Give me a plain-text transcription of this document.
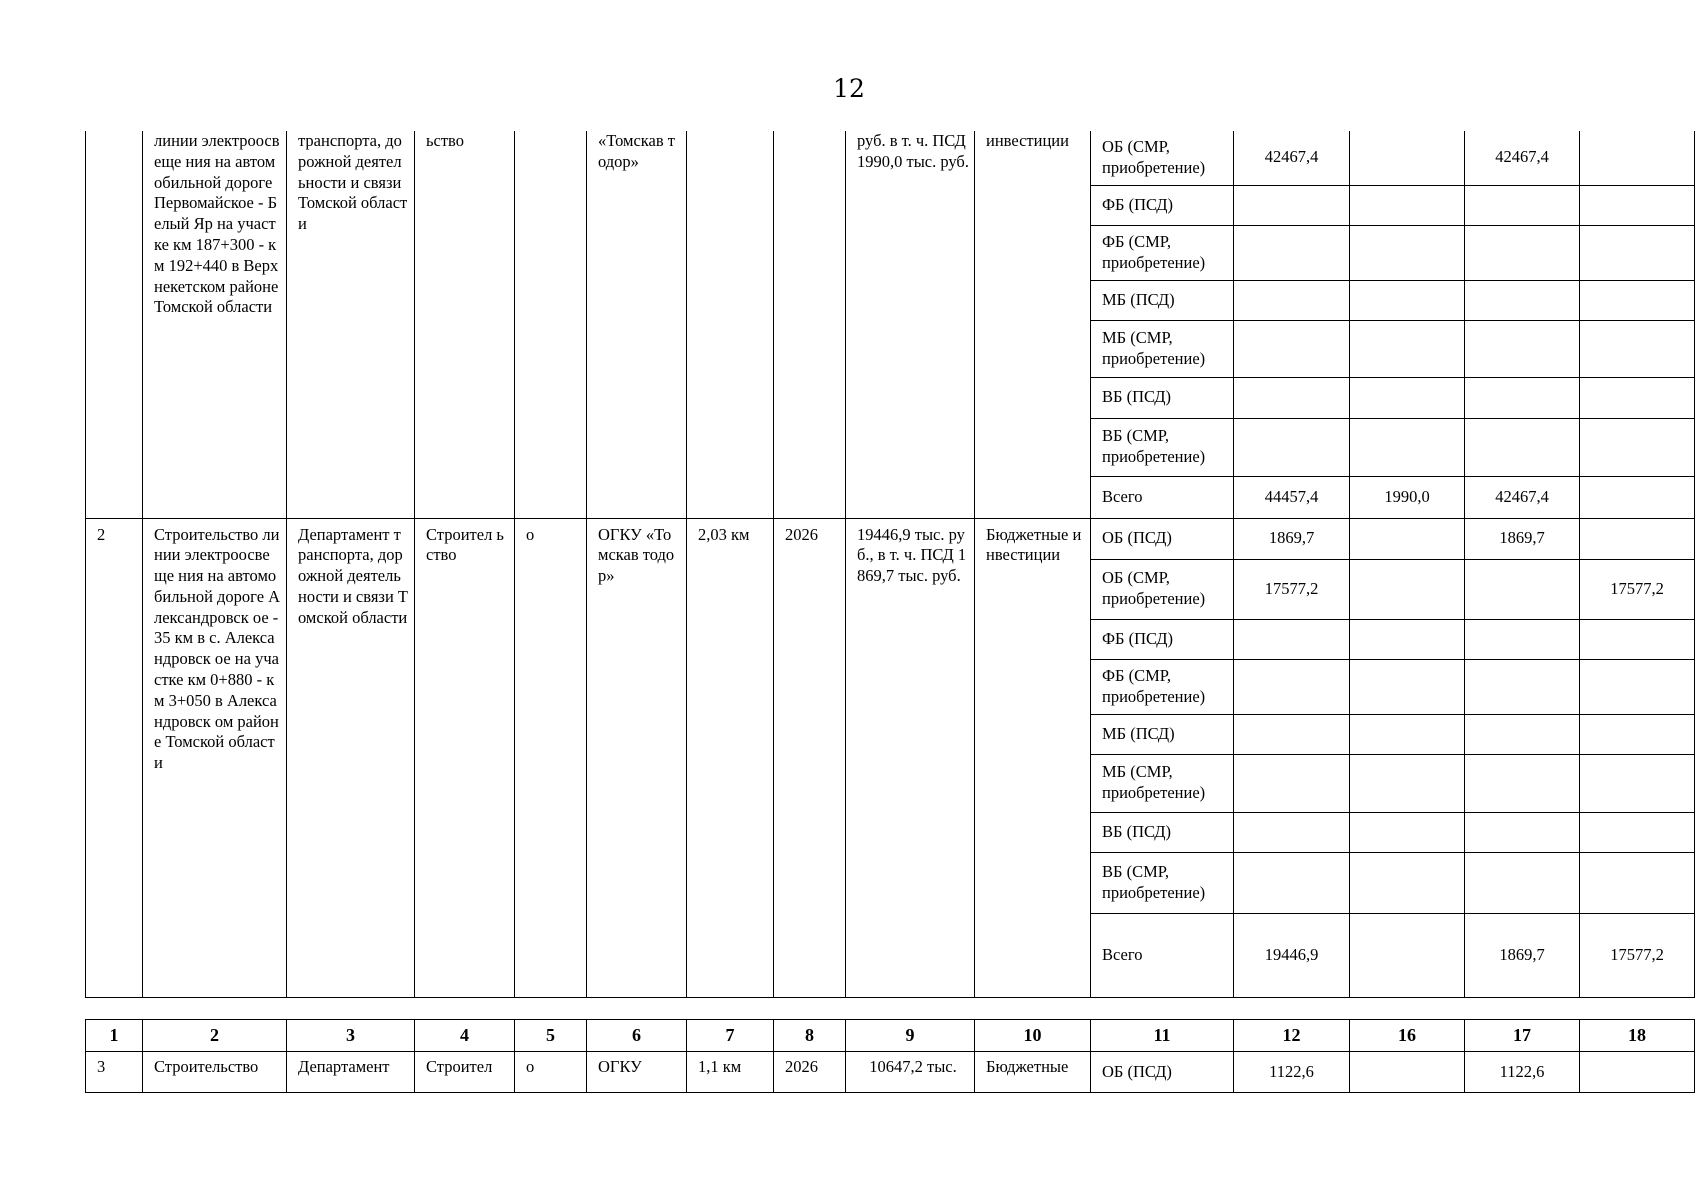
12
	линии электроосвеще ния на автомобильной дороге Первомайское - Белый Яр на участке км 187+300 - км 192+440 в Верхнекетском районе Томской области	транспорта, дорожной деятельности и связи Томской области	ьство		«Томскав тодор»			руб. в т. ч. ПСД 1990,0 тыс. руб.	инвестиции	ОБ (СМР, приобретение)	42467,4		42467,4	
										ФБ (ПСД)				
										ФБ (СМР, приобретение)				
										МБ (ПСД)				
										МБ (СМР, приобретение)				
										ВБ (ПСД)				
										ВБ (СМР, приобретение)				
										Всего	44457,4	1990,0	42467,4	
2	Строительство линии электроосвеще ния на автомобильной дороге Александровск ое - 35 км в с. Александровск ое на участке км 0+880 - км 3+050 в Александровск ом районе Томской области	Департамент транспорта, дорожной деятельности и связи Томской области	Строител ьство	о	ОГКУ «Томскав тодор»	2,03 км	2026	19446,9 тыс. руб., в т. ч. ПСД 1869,7 тыс. руб.	Бюджетные инвестиции	ОБ (ПСД)	1869,7		1869,7	
										ОБ (СМР, приобретение)	17577,2			17577,2
										ФБ (ПСД)				
										ФБ (СМР, приобретение)				
										МБ (ПСД)				
										МБ (СМР, приобретение)				
										ВБ (ПСД)				
										ВБ (СМР, приобретение)				
										Всего	19446,9		1869,7	17577,2
1	2	3	4	5	6	7	8	9	10	11	12	16	17	18
3	Строительство	Департамент	Строител	о	ОГКУ	1,1 км	2026	10647,2 тыс.	Бюджетные	ОБ (ПСД)	1122,6		1122,6	
